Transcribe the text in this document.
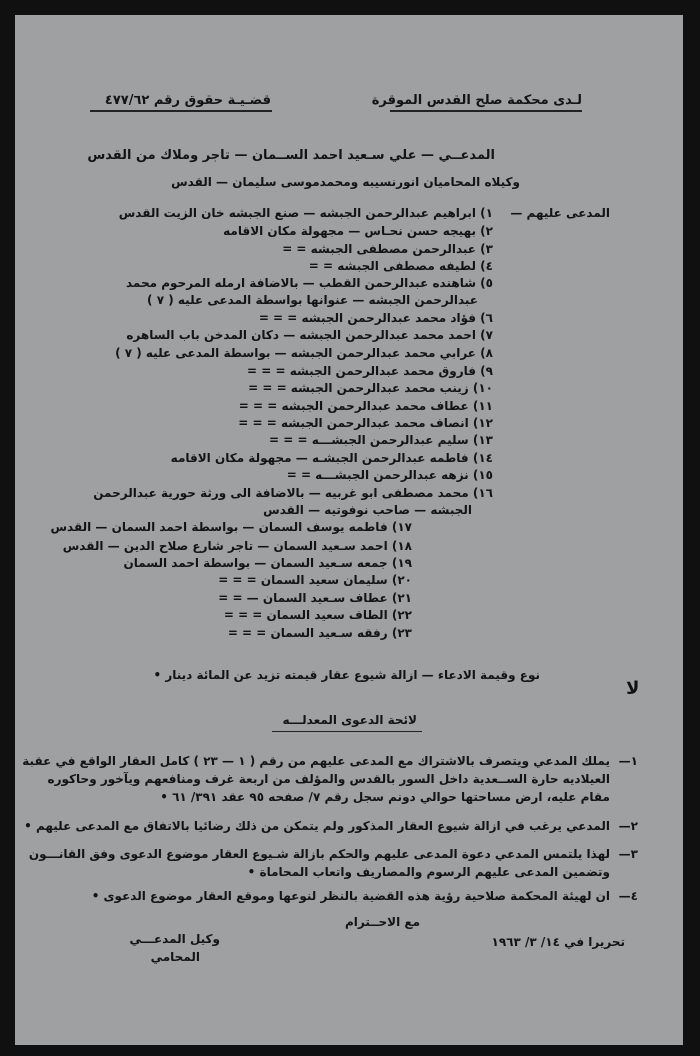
لـدى محكمة صلح القدس الموقرة
قضـيـة حقوق رقم ٤٧٧/٦٢
المدعــي — علي سـعيد احمد الســمان — تاجر وملاك من القدس
وكيلاه المحاميان انورنسيبه ومحمدموسى سليمان — القدس
المدعى عليهم —
١) ابراهيم عبدالرحمن الجبشه — صنع الجبشه خان الزيت القدس
٢) بهيجه حسن نحـاس — مجهولة مكان الاقامه
٣) عبدالرحمن مصطفى الجبشه = =
٤) لطيفه مصطفى الجبشه = =
٥) شاهنده عبدالرحمن القطب — بالاضافة ارمله المرحوم محمد
عبدالرحمن الجبشه — عنوانها بواسطة المدعى عليه ( ٧ )
٦) فؤاد محمد عبدالرحمن الجبشه = = =
٧) احمد محمد عبدالرحمن الجبشه — دكان المدخن باب الساهره
٨) عرابي محمد عبدالرحمن الجبشه — بواسطة المدعى عليه ( ٧ )
٩) فاروق محمد عبدالرحمن الجبشه = = =
١٠) زينب محمد عبدالرحمن الجبشه = = =
١١) عطاف محمد عبدالرحمن الجبشه = = =
١٢) انصاف محمد عبدالرحمن الجبشه = = =
١٣) سليم عبدالرحمن الجبشـــه = = =
١٤) فاطمه عبدالرحمن الجبشـه — مجهولة مكان الاقامه
١٥) نزهه عبدالرحمن الجبشـــه = =
١٦) محمد مصطفى ابو غربيه — بالاضافة الى ورثة حورية عبدالرحمن
الجبشه — صاحب نوفوتيه — القدس
١٧) فاطمه يوسف السمان — بواسطة احمد السمان — القدس
١٨) احمد سـعيد السمان — تاجر شارع صلاح الدين — القدس
١٩) جمعه سـعيد السمان — بواسطة احمد السمان
٢٠) سليمان سعيد السمان = = =
٢١) عطاف سـعيد السمان — = =
٢٢) الطاف سعيد السمان = = =
٢٣) رفقه سـعيد السمان = = =
نوع وقيمة الادعاء — ازالة شيوع عقار قيمته تزيد عن المائة دينار •
ﻻ
لائحة الدعوى المعدلـــه
١—
يملك المدعي ويتصرف بالاشتراك مع المدعى عليهم من رقم ( ١ — ٢٣ ) كامل العقار الواقع في عقبة
العيلاديه حارة الســعدية داخل السور بالقدس والمؤلف من اربعة غرف ومنافعهم ويآخور وحاكوره
مقام عليه، ارض مساحتها حوالي دونم سجل رقم ٧/ صفحه ٩٥ عقد ٣٩١/ ٦١ •
٢—
المدعي يرغب في ازالة شيوع العقار المذكور ولم يتمكن من ذلك رضائيا بالاتفاق مع المدعى عليهم •
٣—
لهذا يلتمس المدعي دعوة المدعى عليهم والحكم بازالة شـيوع العقار موضوع الدعوى وفق القانـــون
وتضمين المدعى عليهم الرسوم والمصاريف واتعاب المحاماة •
٤—
ان لهيئة المحكمة صلاحية رؤية هذه القضية بالنظر لنوعها وموقع العقار موضوع الدعوى •
مع الاحــترام
تحريرا في ١٤/ ٣/ ١٩٦٣
وكيل المدعـــي
المحامي
